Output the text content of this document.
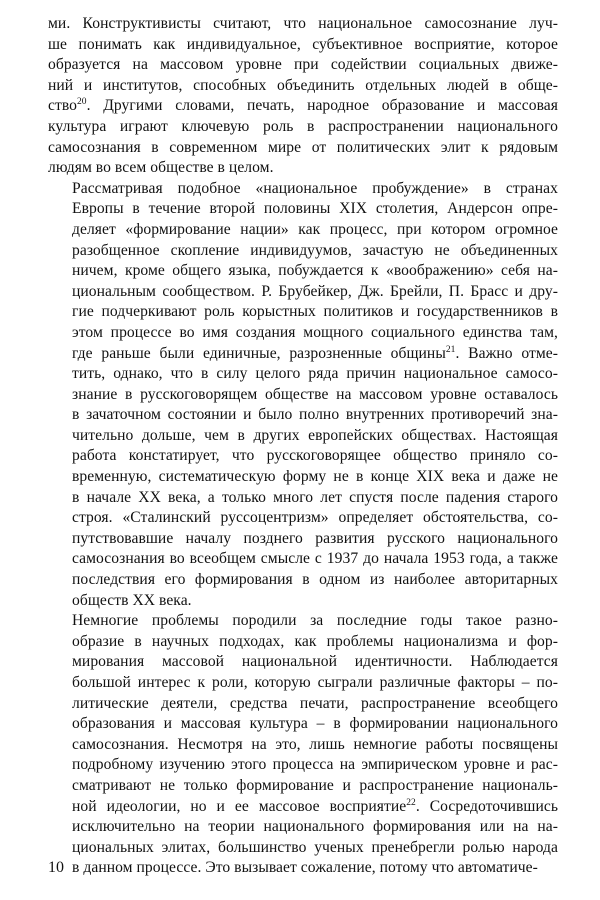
ми. Конструктивисты считают, что национальное самосознание луч-
ше понимать как индивидуальное, субъективное восприятие, которое
образуется на массовом уровне при содействии социальных движе-
ний и институтов, способных объединить отдельных людей в обще-
ство$^{20}$. Другими словами, печать, народное образование и массовая
культура играют ключевую роль в распространении национального
самосознания в современном мире от политических элит к рядовым
людям во всем обществе в целом.

Рассматривая подобное «национальное пробуждение» в странах
Европы в течение второй половины XIX столетия, Андерсон опре-
деляет «формирование нации» как процесс, при котором огромное
разобщенное скопление индивидуумов, зачастую не объединенных
ничем, кроме общего языка, побуждается к «воображению» себя на-
циональным сообществом. Р. Брубейкер, Дж. Брейли, П. Брасс и дру-
гие подчеркивают роль корыстных политиков и государственников в
этом процессе во имя создания мощного социального единства там,
где раньше были единичные, разрозненные общины$^{21}$. Важно отме-
тить, однако, что в силу целого ряда причин национальное самосо-
знание в русскоговорящем обществе на массовом уровне оставалось
в зачаточном состоянии и было полно внутренних противоречий зна-
чительно дольше, чем в других европейских обществах. Настоящая
работа констатирует, что русскоговорящее общество приняло со-
временную, систематическую форму не в конце XIX века и даже не
в начале XX века, а только много лет спустя после падения старого
строя. «Сталинский руссоцентризм» определяет обстоятельства, со-
путствовавшие началу позднего развития русского национального
самосознания во всеобщем смысле с 1937 до начала 1953 года, а также
последствия его формирования в одном из наиболее авторитарных
обществ XX века.

Немногие проблемы породили за последние годы такое разно-
образие в научных подходах, как проблемы национализма и фор-
мирования массовой национальной идентичности. Наблюдается
большой интерес к роли, которую сыграли различные факторы – по-
литические деятели, средства печати, распространение всеобщего
образования и массовая культура – в формировании национального
самосознания. Несмотря на это, лишь немногие работы посвящены
подробному изучению этого процесса на эмпирическом уровне и рас-
сматривают не только формирование и распространение националь-
ной идеологии, но и ее массовое восприятие$^{22}$. Сосредоточившись
исключительно на теории национального формирования или на на-
циональных элитах, большинство ученых пренебрегли ролью народа
в данном процессе. Это вызывает сожаление, потому что автоматиче-

10
